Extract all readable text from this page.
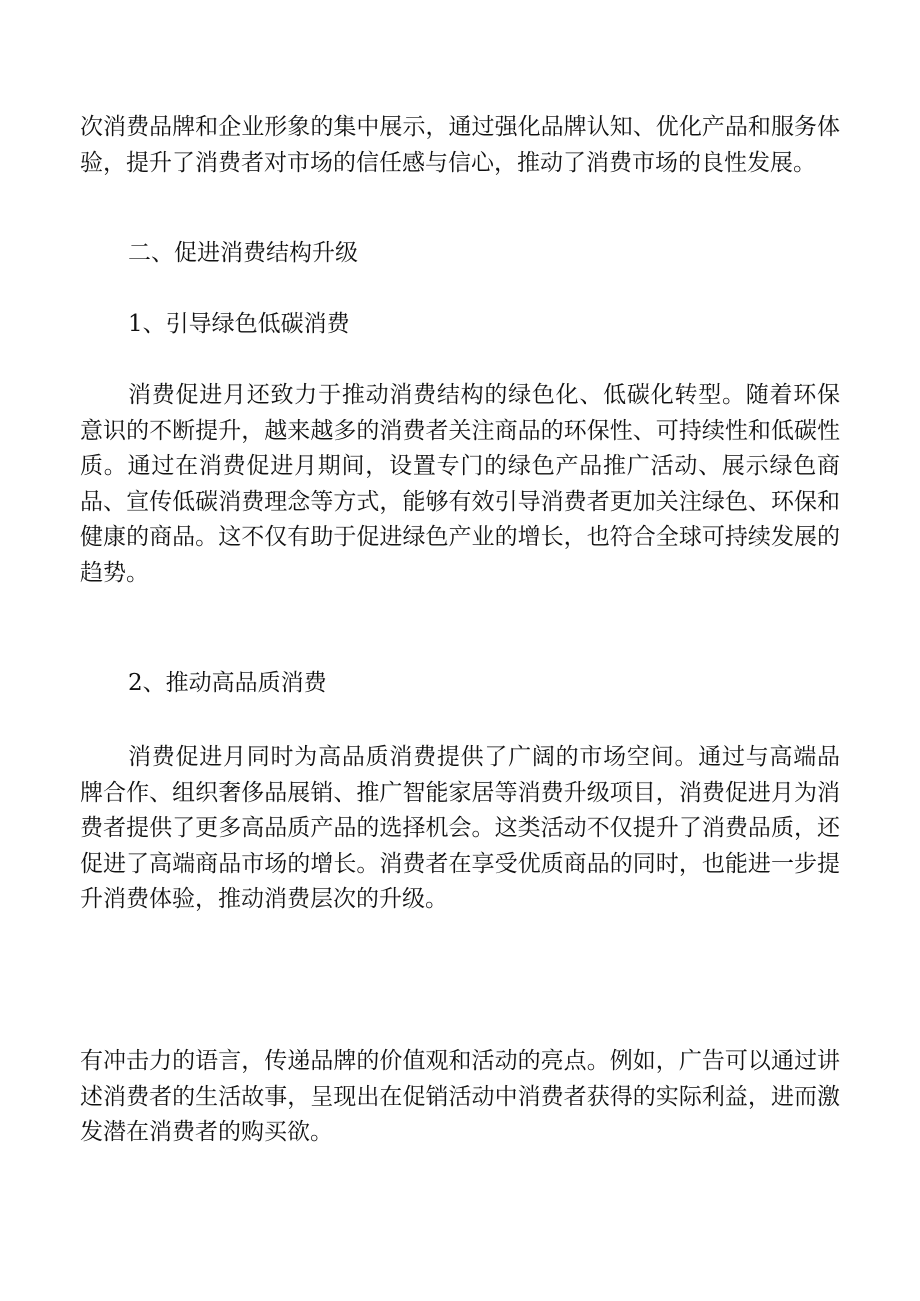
次消费品牌和企业形象的集中展示，通过强化品牌认知、优化产品和服务体验，提升了消费者对市场的信任感与信心，推动了消费市场的良性发展。

二、促进消费结构升级

1、引导绿色低碳消费

消费促进月还致力于推动消费结构的绿色化、低碳化转型。随着环保意识的不断提升，越来越多的消费者关注商品的环保性、可持续性和低碳性质。通过在消费促进月期间，设置专门的绿色产品推广活动、展示绿色商品、宣传低碳消费理念等方式，能够有效引导消费者更加关注绿色、环保和健康的商品。这不仅有助于促进绿色产业的增长，也符合全球可持续发展的趋势。

2、推动高品质消费

消费促进月同时为高品质消费提供了广阔的市场空间。通过与高端品牌合作、组织奢侈品展销、推广智能家居等消费升级项目，消费促进月为消费者提供了更多高品质产品的选择机会。这类活动不仅提升了消费品质，还促进了高端商品市场的增长。消费者在享受优质商品的同时，也能进一步提升消费体验，推动消费层次的升级。

有冲击力的语言，传递品牌的价值观和活动的亮点。例如，广告可以通过讲述消费者的生活故事，呈现出在促销活动中消费者获得的实际利益，进而激发潜在消费者的购买欲。
